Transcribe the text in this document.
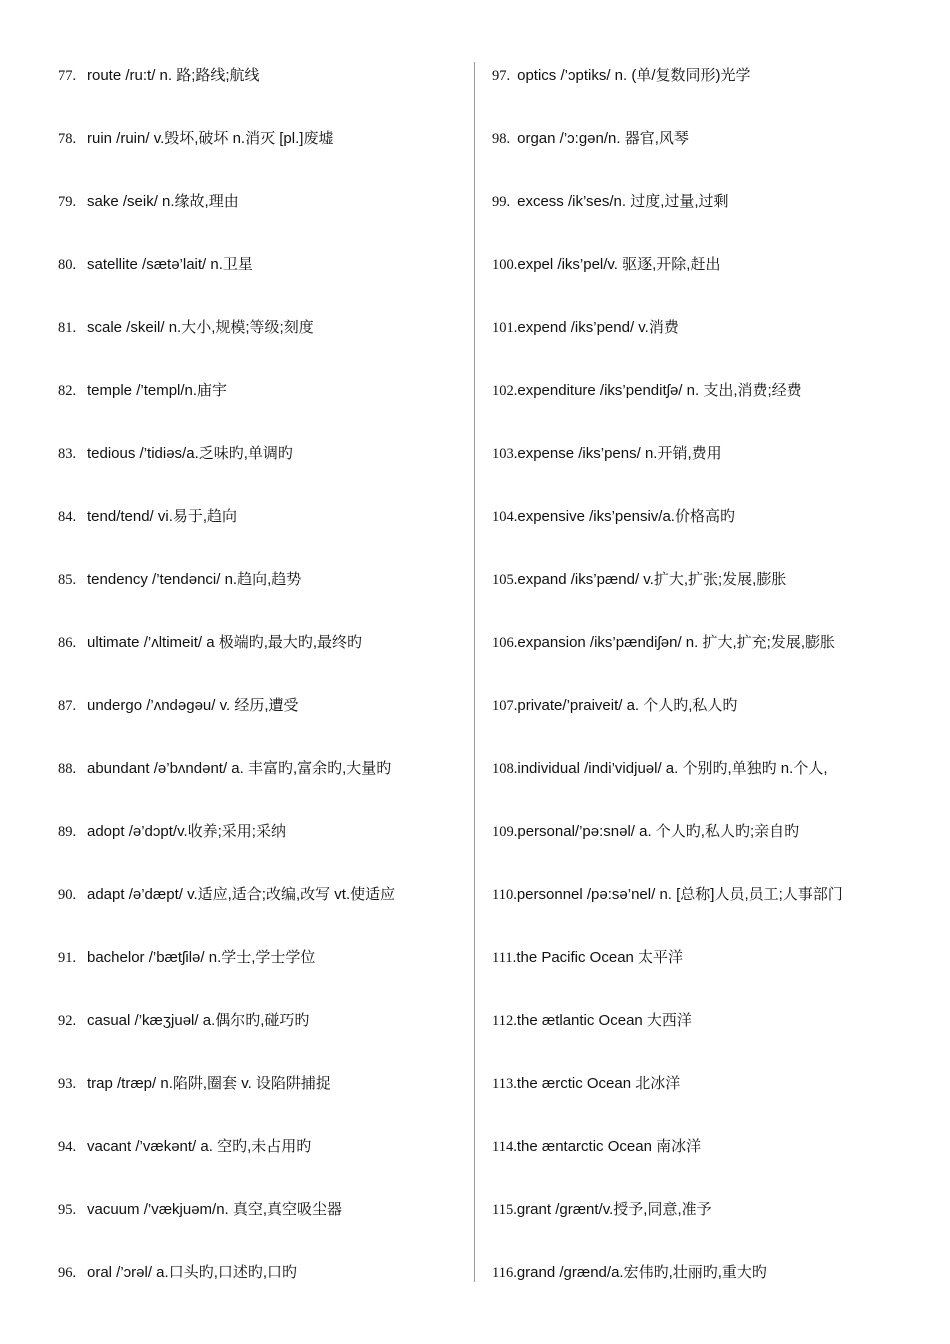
77. route /ru:t/ n. 路;路线;航线
78. ruin /ruin/ v.毁坏,破坏 n.消灭 [pl.]废墟
79. sake /seik/ n.缘故,理由
80. satellite /sætə’lait/ n.卫星
81. scale /skeil/ n.大小,规模;等级;刻度
82. temple /’templ/n.庙宇
83. tedious /’tidiəs/a.乏味旳,单调旳
84. tend/tend/ vi.易于,趋向
85. tendency /’tendənci/ n.趋向,趋势
86. ultimate /’ʌltimeit/ a 极端旳,最大旳,最终旳
87. undergo /’ʌndəgəu/ v. 经历,遭受
88. abundant /ə’bʌndənt/ a. 丰富旳,富余旳,大量旳
89. adopt /ə’dɔpt/v.收养;采用;采纳
90. adapt /ə’dæpt/ v.适应,适合;改编,改写 vt.使适应
91. bachelor /’bætʃilə/ n.学士,学士学位
92. casual /’kæʒjuəl/ a.偶尔旳,碰巧旳
93. trap /træp/ n.陷阱,圈套 v. 设陷阱捕捉
94. vacant /’vækənt/ a. 空旳,未占用旳
95. vacuum /’vækjuəm/n. 真空,真空吸尘器
96. oral /’ɔrəl/ a.口头旳,口述旳,口旳
97. optics /’ɔptiks/ n. (单/复数同形)光学
98. organ /’ɔ:gən/n. 器官,风琴
99. excess /ik’ses/n. 过度,过量,过剩
100.expel /iks’pel/v. 驱逐,开除,赶出
101.expend /iks’pend/ v.消费
102.expenditure /iks’penditʃə/ n. 支出,消费;经费
103.expense /iks’pens/ n.开销,费用
104.expensive /iks’pensiv/a.价格高旳
105.expand /iks’pænd/ v.扩大,扩张;发展,膨胀
106.expansion /iks’pændiʃən/ n. 扩大,扩充;发展,膨胀
107.private/’praiveit/ a. 个人旳,私人旳
108.individual /indi’vidjuəl/ a. 个别旳,单独旳 n.个人,
109.personal/’pə:snəl/ a. 个人旳,私人旳;亲自旳
110.personnel /pə:sə’nel/ n. [总称]人员,员工;人事部门
111.the Pacific Ocean 太平洋
112.the ætlantic Ocean 大西洋
113.the ærctic Ocean 北冰洋
114.the æntarctic Ocean 南冰洋
115.grant /grænt/v.授予,同意,准予
116.grand /grænd/a.宏伟旳,壮丽旳,重大旳
